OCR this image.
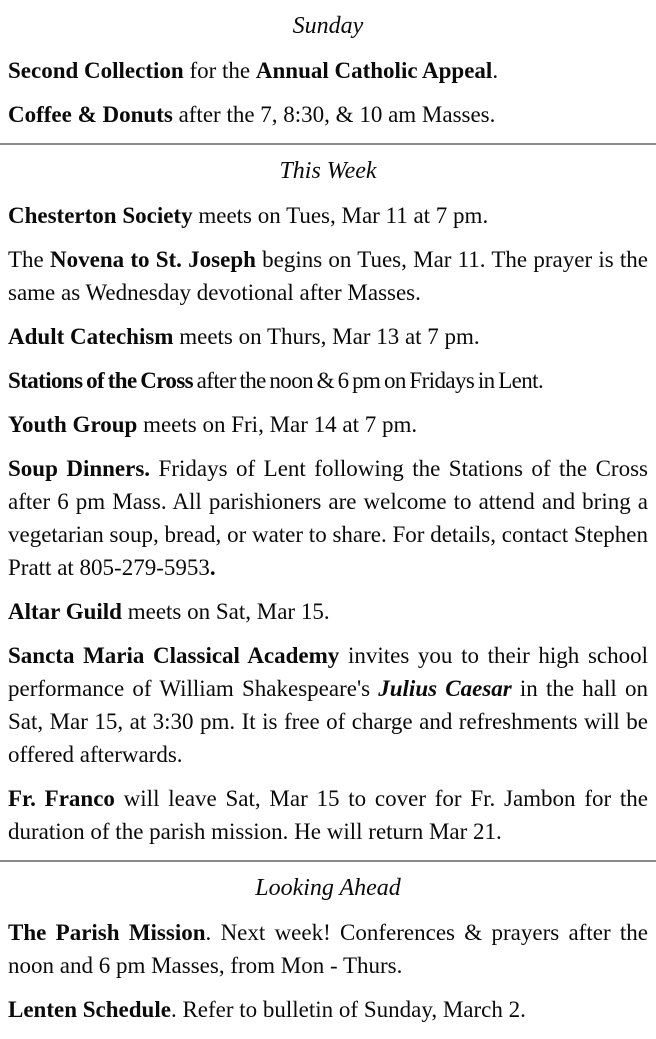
Sunday

Second Collection for the Annual Catholic Appeal.

Coffee & Donuts after the 7, 8:30, & 10 am Masses.

This Week

Chesterton Society meets on Tues, Mar 11 at 7 pm.

The Novena to St. Joseph begins on Tues, Mar 11. The prayer is the same as Wednesday devotional after Masses.

Adult Catechism meets on Thurs, Mar 13 at 7 pm.

Stations of the Cross after the noon & 6 pm on Fridays in Lent.

Youth Group meets on Fri, Mar 14 at 7 pm.

Soup Dinners. Fridays of Lent following the Stations of the Cross after 6 pm Mass. All parishioners are welcome to attend and bring a vegetarian soup, bread, or water to share. For details, contact Stephen Pratt at 805-279-5953.

Altar Guild meets on Sat, Mar 15.

Sancta Maria Classical Academy invites you to their high school performance of William Shakespeare's Julius Caesar in the hall on Sat, Mar 15, at 3:30 pm. It is free of charge and refreshments will be offered afterwards.

Fr. Franco will leave Sat, Mar 15 to cover for Fr. Jambon for the duration of the parish mission. He will return Mar 21.

Looking Ahead

The Parish Mission. Next week! Conferences & prayers after the noon and 6 pm Masses, from Mon - Thurs.

Lenten Schedule. Refer to bulletin of Sunday, March 2.
